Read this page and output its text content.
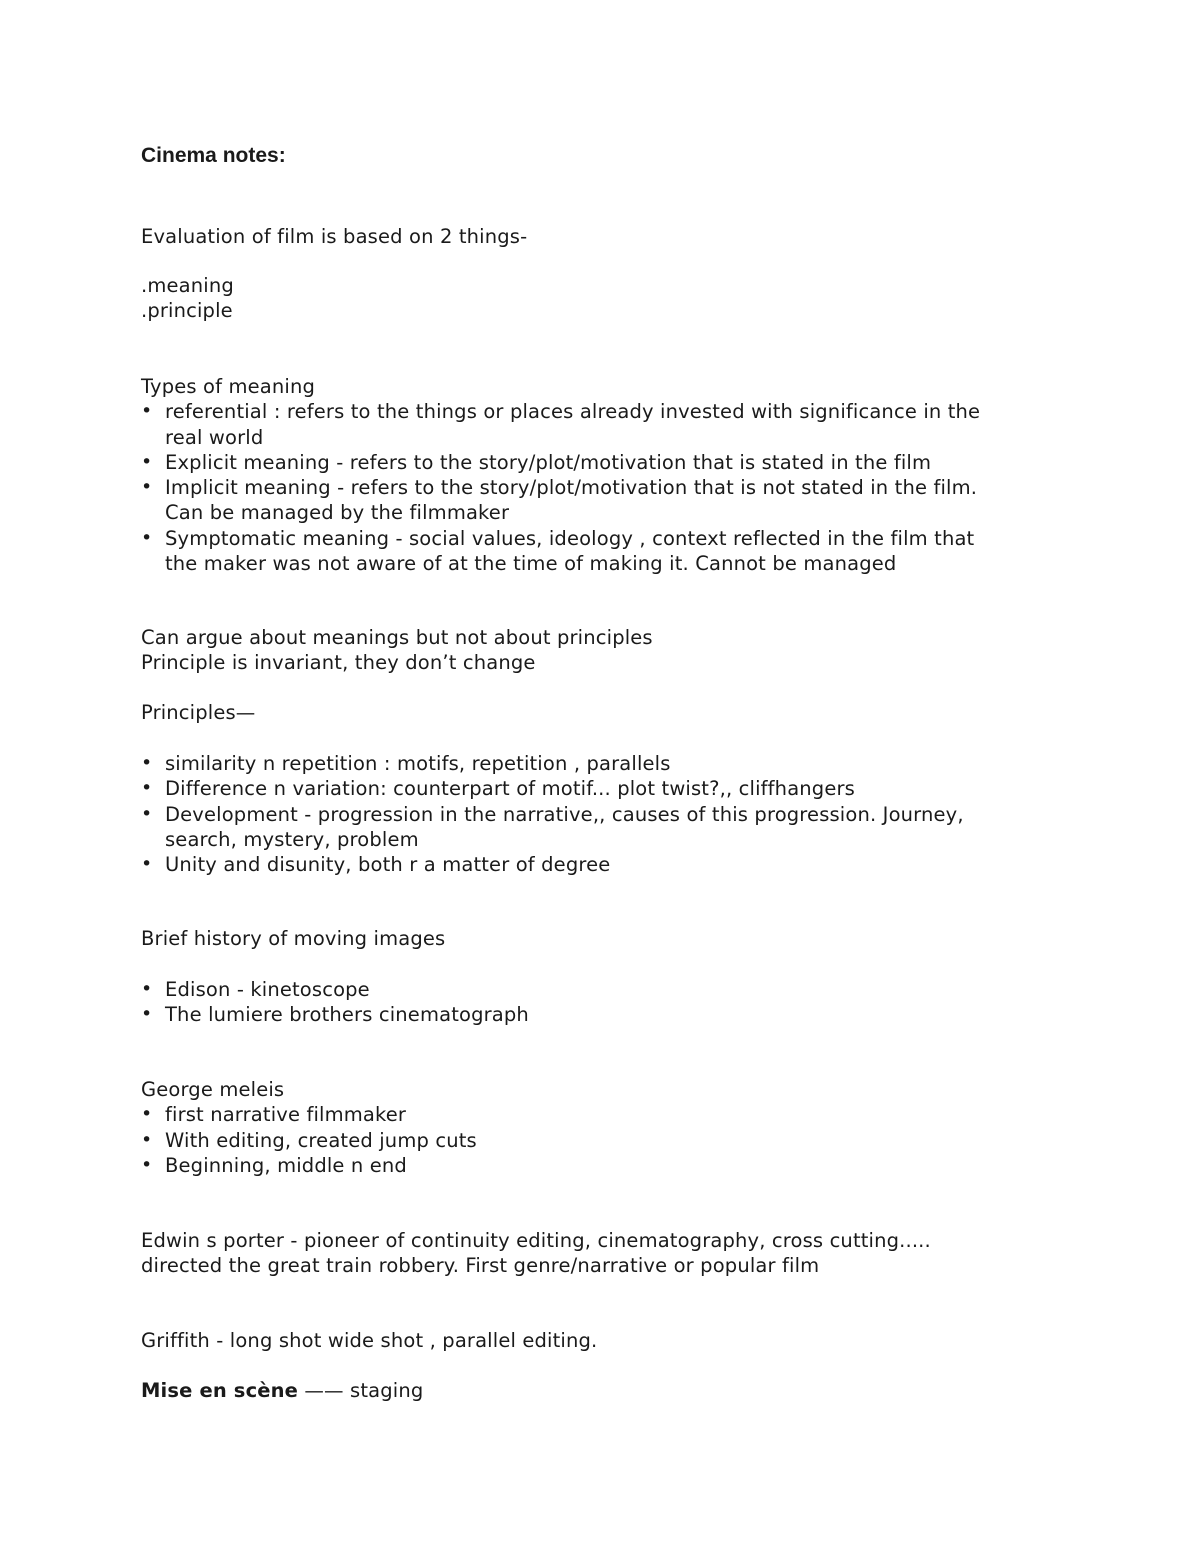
Cinema notes:
Evaluation of film is based on 2 things-
.meaning
.principle
Types of meaning
• referential : refers to the things or places already invested with significance in the
real world
• Explicit meaning - refers to the story/plot/motivation that is stated in the film
• Implicit meaning - refers to the story/plot/motivation that is not stated in the film.
Can be managed by the filmmaker
• Symptomatic meaning - social values, ideology , context reflected in the film that
the maker was not aware of at the time of making it. Cannot be managed
Can argue about meanings but not about principles
Principle is invariant, they don’t change
Principles—
• similarity n repetition : motifs, repetition , parallels
• Difference n variation: counterpart of motif... plot twist?,, cliffhangers
• Development - progression in the narrative,, causes of this progression. Journey,
search, mystery, problem
• Unity and disunity, both r a matter of degree
Brief history of moving images
• Edison - kinetoscope
• The lumiere brothers cinematograph
George meleis
• first narrative filmmaker
• With editing, created jump cuts
• Beginning, middle n end
Edwin s porter - pioneer of continuity editing, cinematography, cross cutting.....
directed the great train robbery. First genre/narrative or popular film
Griffith - long shot wide shot , parallel editing.
Mise en scène —— staging
